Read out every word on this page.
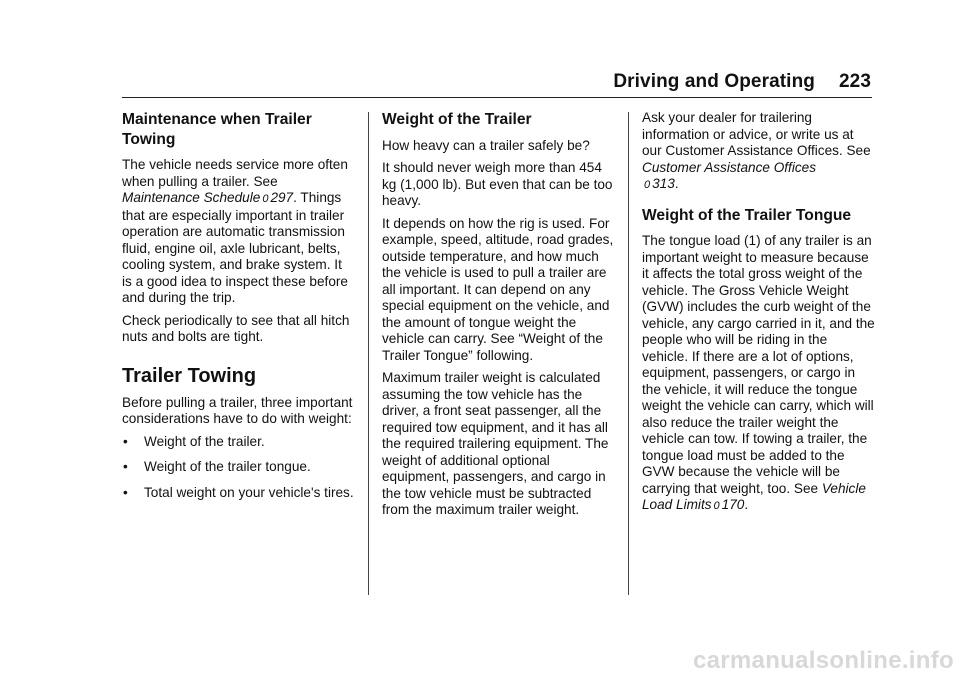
Driving and Operating 223
Maintenance when Trailer Towing

The vehicle needs service more often when pulling a trailer. See Maintenance Schedule 0 297. Things that are especially important in trailer operation are automatic transmission fluid, engine oil, axle lubricant, belts, cooling system, and brake system. It is a good idea to inspect these before and during the trip.

Check periodically to see that all hitch nuts and bolts are tight.

Trailer Towing

Before pulling a trailer, three important considerations have to do with weight:

• Weight of the trailer.
• Weight of the trailer tongue.
• Total weight on your vehicle's tires.
Weight of the Trailer

How heavy can a trailer safely be?

It should never weigh more than 454 kg (1,000 lb). But even that can be too heavy.

It depends on how the rig is used. For example, speed, altitude, road grades, outside temperature, and how much the vehicle is used to pull a trailer are all important. It can depend on any special equipment on the vehicle, and the amount of tongue weight the vehicle can carry. See “Weight of the Trailer Tongue” following.

Maximum trailer weight is calculated assuming the tow vehicle has the driver, a front seat passenger, all the required tow equipment, and it has all the required trailering equipment. The weight of additional optional equipment, passengers, and cargo in the tow vehicle must be subtracted from the maximum trailer weight.

Ask your dealer for trailering information or advice, or write us at our Customer Assistance Offices. See Customer Assistance Offices
0 313.

Weight of the Trailer Tongue

The tongue load (1) of any trailer is an important weight to measure because it affects the total gross weight of the vehicle. The Gross Vehicle Weight (GVW) includes the curb weight of the vehicle, any cargo carried in it, and the people who will be riding in the vehicle. If there are a lot of options, equipment, passengers, or cargo in the vehicle, it will reduce the tongue weight the vehicle can carry, which will also reduce the trailer weight the vehicle can tow. If towing a trailer, the tongue load must be added to the GVW because the vehicle will be carrying that weight, too. See Vehicle Load Limits 0 170.

carmanualsonline.info
